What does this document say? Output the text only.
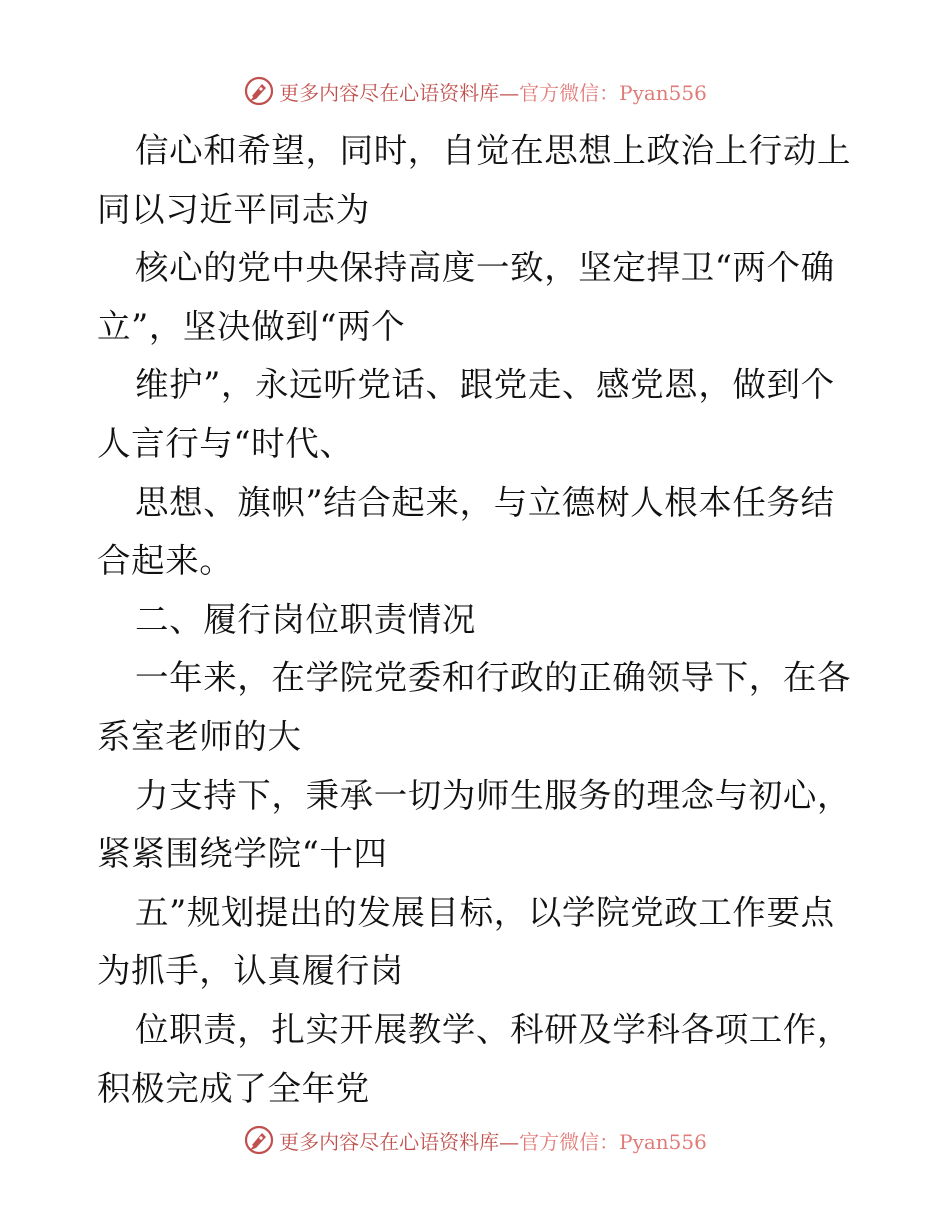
更多内容尽在心语资料库—官方微信：Pyan556
信心和希望，同时，自觉在思想上政治上行动上
同以习近平同志为
核心的党中央保持高度一致，坚定捍卫“两个确
立”，坚决做到“两个
维护”，永远听党话、跟党走、感党恩，做到个
人言行与“时代、
思想、旗帜”结合起来，与立德树人根本任务结
合起来。
二、履行岗位职责情况
一年来，在学院党委和行政的正确领导下，在各
系室老师的大
力支持下，秉承一切为师生服务的理念与初心，
紧紧围绕学院“十四
五”规划提出的发展目标，以学院党政工作要点
为抓手，认真履行岗
位职责，扎实开展教学、科研及学科各项工作，
积极完成了全年党
更多内容尽在心语资料库—官方微信：Pyan556
